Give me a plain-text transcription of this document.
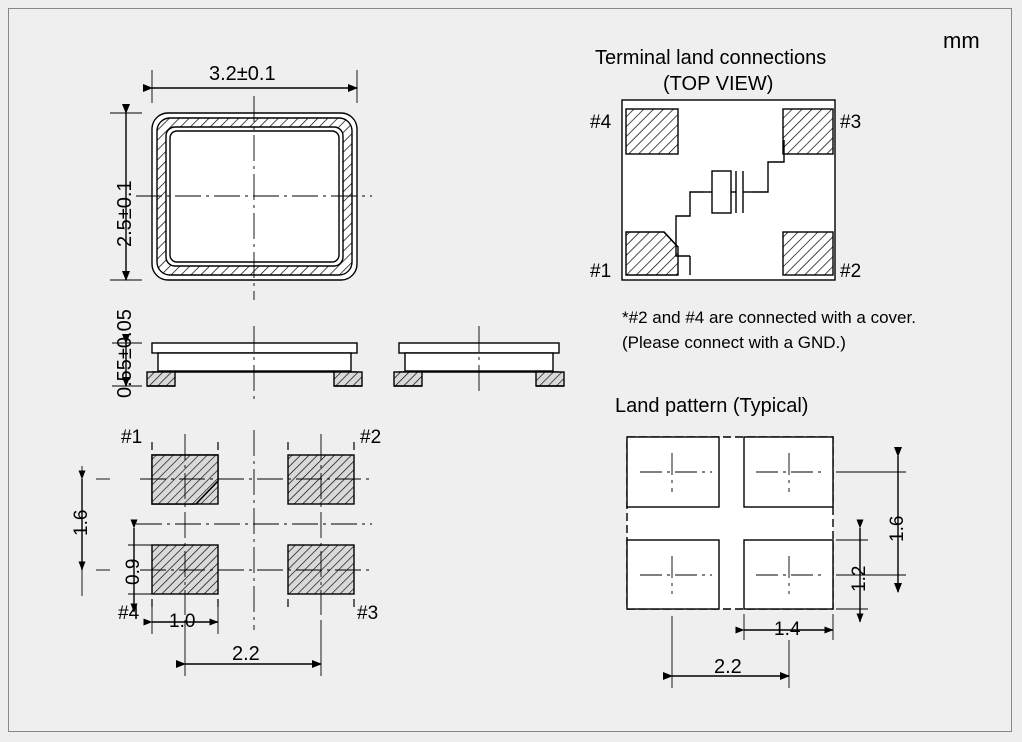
mm
3.2±0.1
2.5±0.1
0.55±0.05
#1	#2
#3
#4
1.6
0.9
1.0
2.2
Terminal land connections
(TOP VIEW)
#4	#3
#1	#2
*#2 and #4 are connected with a cover.
(Please connect with a GND.)
Land pattern (Typical)
1.6
1.2
1.4
2.2
